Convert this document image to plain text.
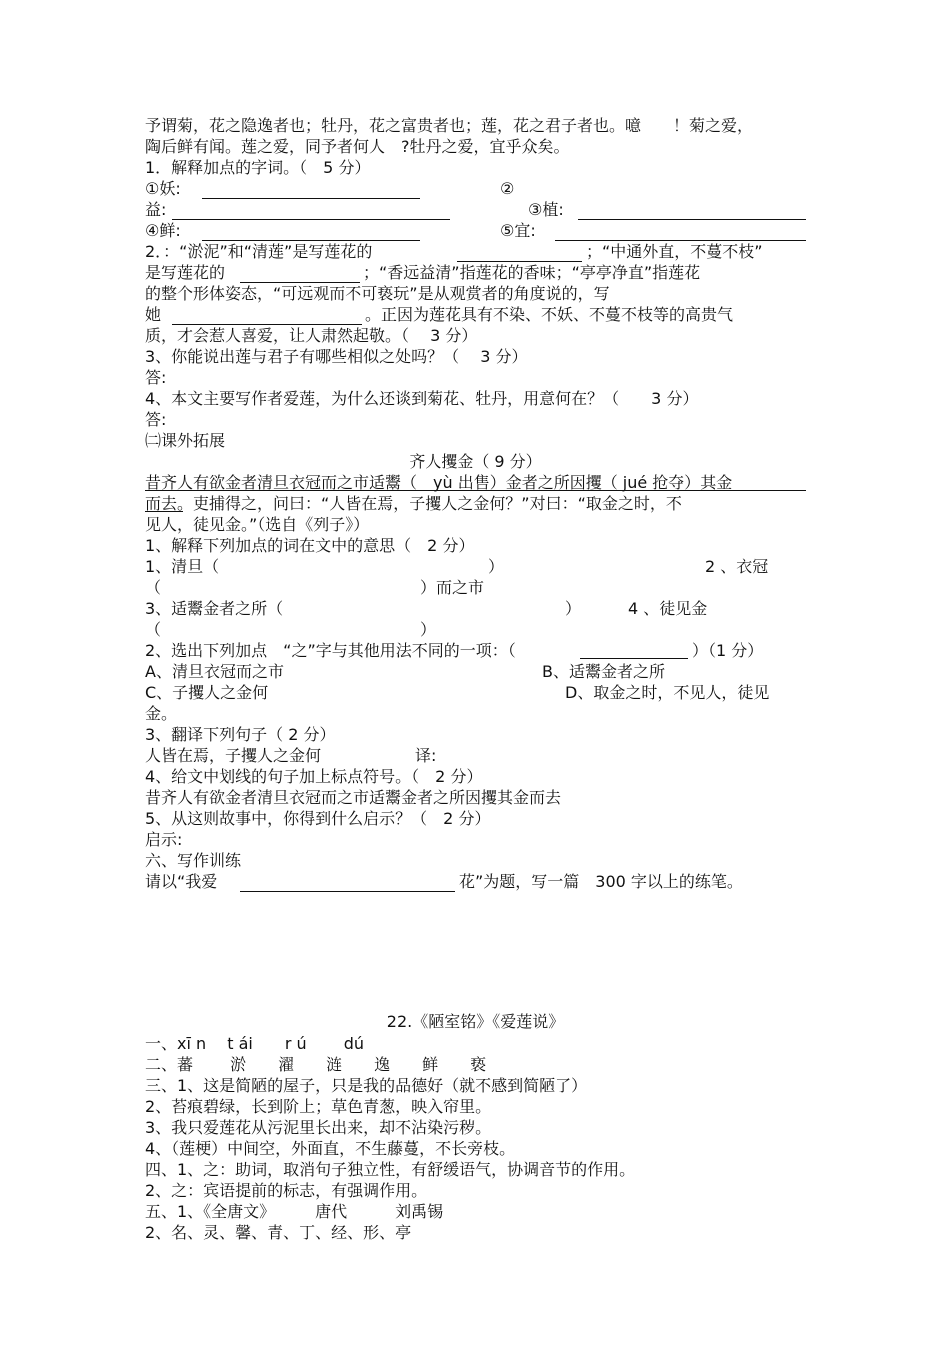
予谓菊，花之隐逸者也；牡丹，花之富贵者也；莲，花之君子者也。噫　　！菊之爱，
陶后鲜有闻。莲之爱，同予者何人　?牡丹之爱，宜乎众矣。
1．解释加点的字词。（　5 分）
①妖:	②
益:	③植:
④鲜:	⑤宜:
2．：“淤泥”和“清莲”是写莲花的	；“中通外直，不蔓不枝”
是写莲花的	；“香远益清”指莲花的香味；“亭亭净直”指莲花
的整个形体姿态，“可远观而不可亵玩”是从观赏者的角度说的，写
她	。正因为莲花具有不染、不妖、不蔓不枝等的高贵气
质，才会惹人喜爱，让人肃然起敬。（　 3 分）
3、你能说出莲与君子有哪些相似之处吗？（　 3 分）
答:
4、本文主要写作者爱莲，为什么还谈到菊花、牡丹，用意何在？（　　3 分）
答:
㈡课外拓展
齐人攫金（ 9 分）
昔齐人有欲金者清旦衣冠而之市适鬻（　yù 出售）金者之所因攫（ jué 抢夺）其金
而去。吏捕得之，问曰：“人皆在焉，子攫人之金何？”对曰：“取金之时，不
见人，徒见金。”（选自《列子》）
1、解释下列加点的词在文中的意思（　2 分）
1、清旦（	）	2 、衣冠
（	）而之市
3、适鬻金者之所（	）	4 、徒见金
（	）
2、选出下列加点　“之”字与其他用法不同的一项：（	）（1 分）
A、清旦衣冠而之市	B、适鬻金者之所
C、子攫人之金何	D、取金之时，不见人，徒见
金。
3、翻译下列句子（ 2 分）
人皆在焉，子攫人之金何	译:
4、给文中划线的句子加上标点符号。（　2 分）
昔齐人有欲金者清旦衣冠而之市适鬻金者之所因攫其金而去
5、从这则故事中，你得到什么启示？（　2 分）
启示:
六、写作训练
请以“我爱	花”为题，写一篇　300 字以上的练笔。
22.《陋室铭》《爱莲说》
一、xī n　 t ái　　r ú　　 dú
二、蕃　　 淤　　濯　　涟　　逸　　鲜　　亵
三、1、这是简陋的屋子，只是我的品德好（就不感到简陋了）
2、苔痕碧绿，长到阶上；草色青葱，映入帘里。
3、我只爱莲花从污泥里长出来，却不沾染污秽。
4、（莲梗）中间空，外面直，不生藤蔓，不长旁枝。
四、1、之：助词，取消句子独立性，有舒缓语气，协调音节的作用。
2、之：宾语提前的标志，有强调作用。
五、1、《全唐文》　　　唐代　　　刘禹锡
2、名、灵、馨、青、丁、经、形、亭
